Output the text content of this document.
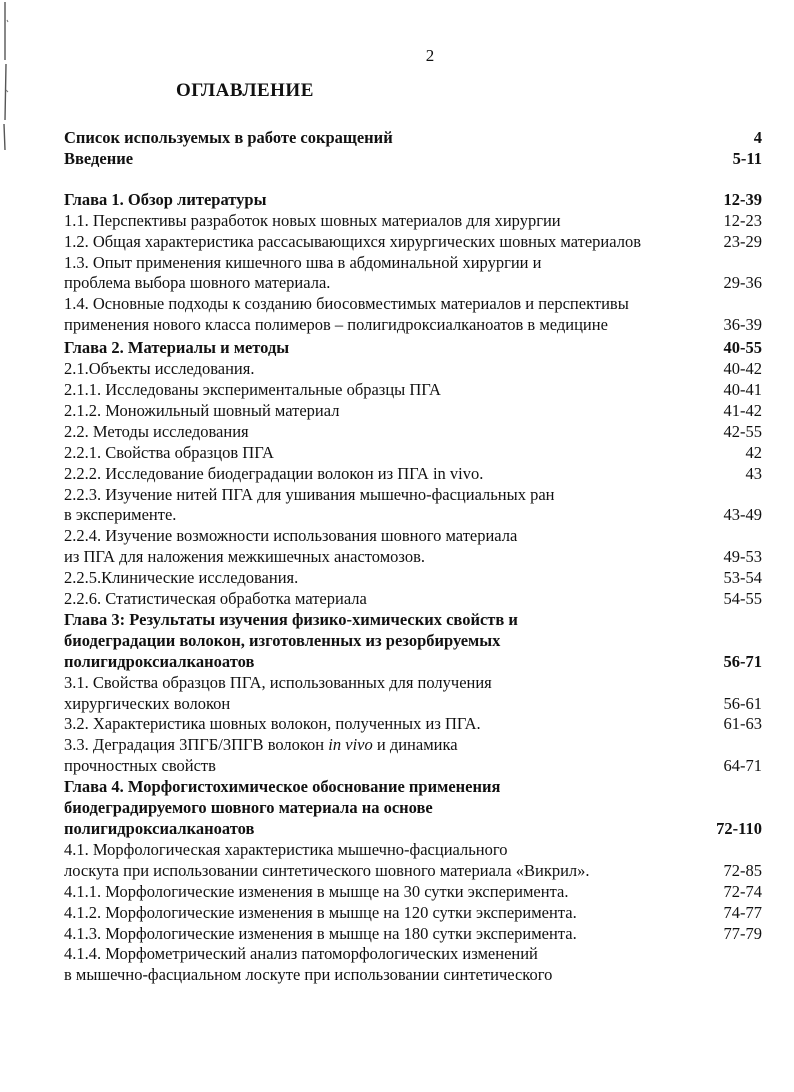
2
ОГЛАВЛЕНИЕ
Список используемых в работе сокращений	4
Введение	5-11
Глава 1. Обзор литературы	12-39
1.1. Перспективы разработок новых шовных материалов для хирургии	12-23
1.2. Общая характеристика рассасывающихся хирургических шовных материалов	23-29
1.3. Опыт применения кишечного шва в абдоминальной хирургии и
проблема выбора шовного материала.	29-36
1.4. Основные подходы к созданию биосовместимых материалов и перспективы
применения нового класса полимеров – полигидроксиалканоатов в медицине	36-39
Глава 2. Материалы и методы	40-55
2.1.Объекты исследования.	40-42
2.1.1. Исследованы экспериментальные образцы ПГА	40-41
2.1.2. Моножильный шовный материал	41-42
2.2. Методы исследования	42-55
2.2.1. Свойства образцов ПГА	42
2.2.2. Исследование биодеградации волокон из ПГА in vivo.	43
2.2.3. Изучение нитей ПГА для ушивания мышечно-фасциальных ран
в эксперименте.	43-49
2.2.4. Изучение возможности использования шовного материала
из ПГА для наложения межкишечных анастомозов.	49-53
2.2.5.Клинические исследования.	53-54
2.2.6. Статистическая обработка материала	54-55
Глава 3: Результаты изучения физико-химических свойств и
биодеградации волокон, изготовленных из резорбируемых
полигидроксиалканоатов	56-71
3.1. Свойства образцов ПГА, использованных для получения
хирургических волокон	56-61
3.2. Характеристика шовных волокон, полученных из ПГА.	61-63
3.3. Деградация 3ПГБ/3ПГВ волокон in vivo и динамика
прочностных свойств	64-71
Глава 4. Морфогистохимическое обоснование применения
биодеградируемого шовного материала на основе
полигидроксиалканоатов	72-110
4.1. Морфологическая характеристика мышечно-фасциального
лоскута при использовании синтетического шовного материала «Викрил».	72-85
4.1.1. Морфологические изменения в мышце на 30 сутки эксперимента.	72-74
4.1.2. Морфологические изменения в мышце на 120 сутки эксперимента.	74-77
4.1.3. Морфологические изменения в мышце на 180 сутки эксперимента.	77-79
4.1.4. Морфометрический анализ патоморфологических изменений
в мышечно-фасциальном лоскуте при использовании синтетического
